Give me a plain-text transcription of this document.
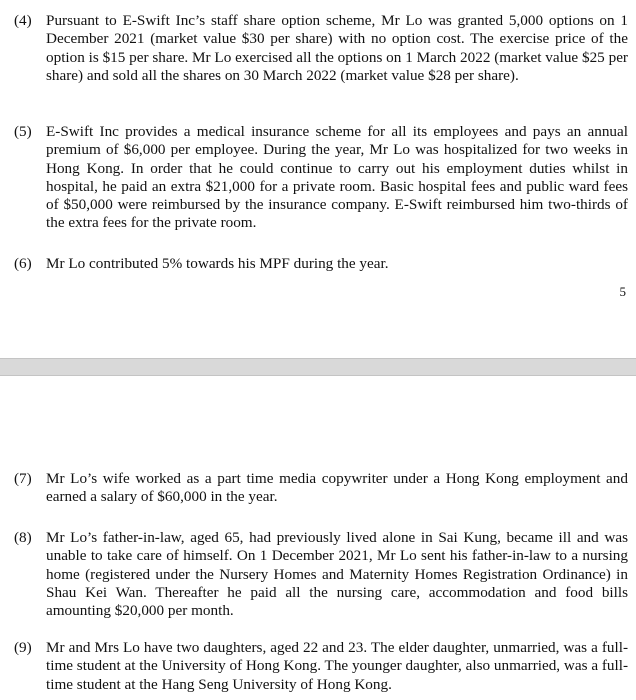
(4) Pursuant to E-Swift Inc’s staff share option scheme, Mr Lo was granted 5,000 options on 1 December 2021 (market value $30 per share) with no option cost. The exercise price of the option is $15 per share. Mr Lo exercised all the options on 1 March 2022 (market value $25 per share) and sold all the shares on 30 March 2022 (market value $28 per share).
(5) E-Swift Inc provides a medical insurance scheme for all its employees and pays an annual premium of $6,000 per employee. During the year, Mr Lo was hospitalized for two weeks in Hong Kong. In order that he could continue to carry out his employment duties whilst in hospital, he paid an extra $21,000 for a private room. Basic hospital fees and public ward fees of $50,000 were reimbursed by the insurance company. E-Swift reimbursed him two-thirds of the extra fees for the private room.
(6) Mr Lo contributed 5% towards his MPF during the year.
5
(7) Mr Lo’s wife worked as a part time media copywriter under a Hong Kong employment and earned a salary of $60,000 in the year.
(8) Mr Lo’s father-in-law, aged 65, had previously lived alone in Sai Kung, became ill and was unable to take care of himself. On 1 December 2021, Mr Lo sent his father-in-law to a nursing home (registered under the Nursery Homes and Maternity Homes Registration Ordinance) in Shau Kei Wan. Thereafter he paid all the nursing care, accommodation and food bills amounting $20,000 per month.
(9) Mr and Mrs Lo have two daughters, aged 22 and 23. The elder daughter, unmarried, was a full-time student at the University of Hong Kong. The younger daughter, also unmarried, was a full-time student at the Hang Seng University of Hong Kong.
